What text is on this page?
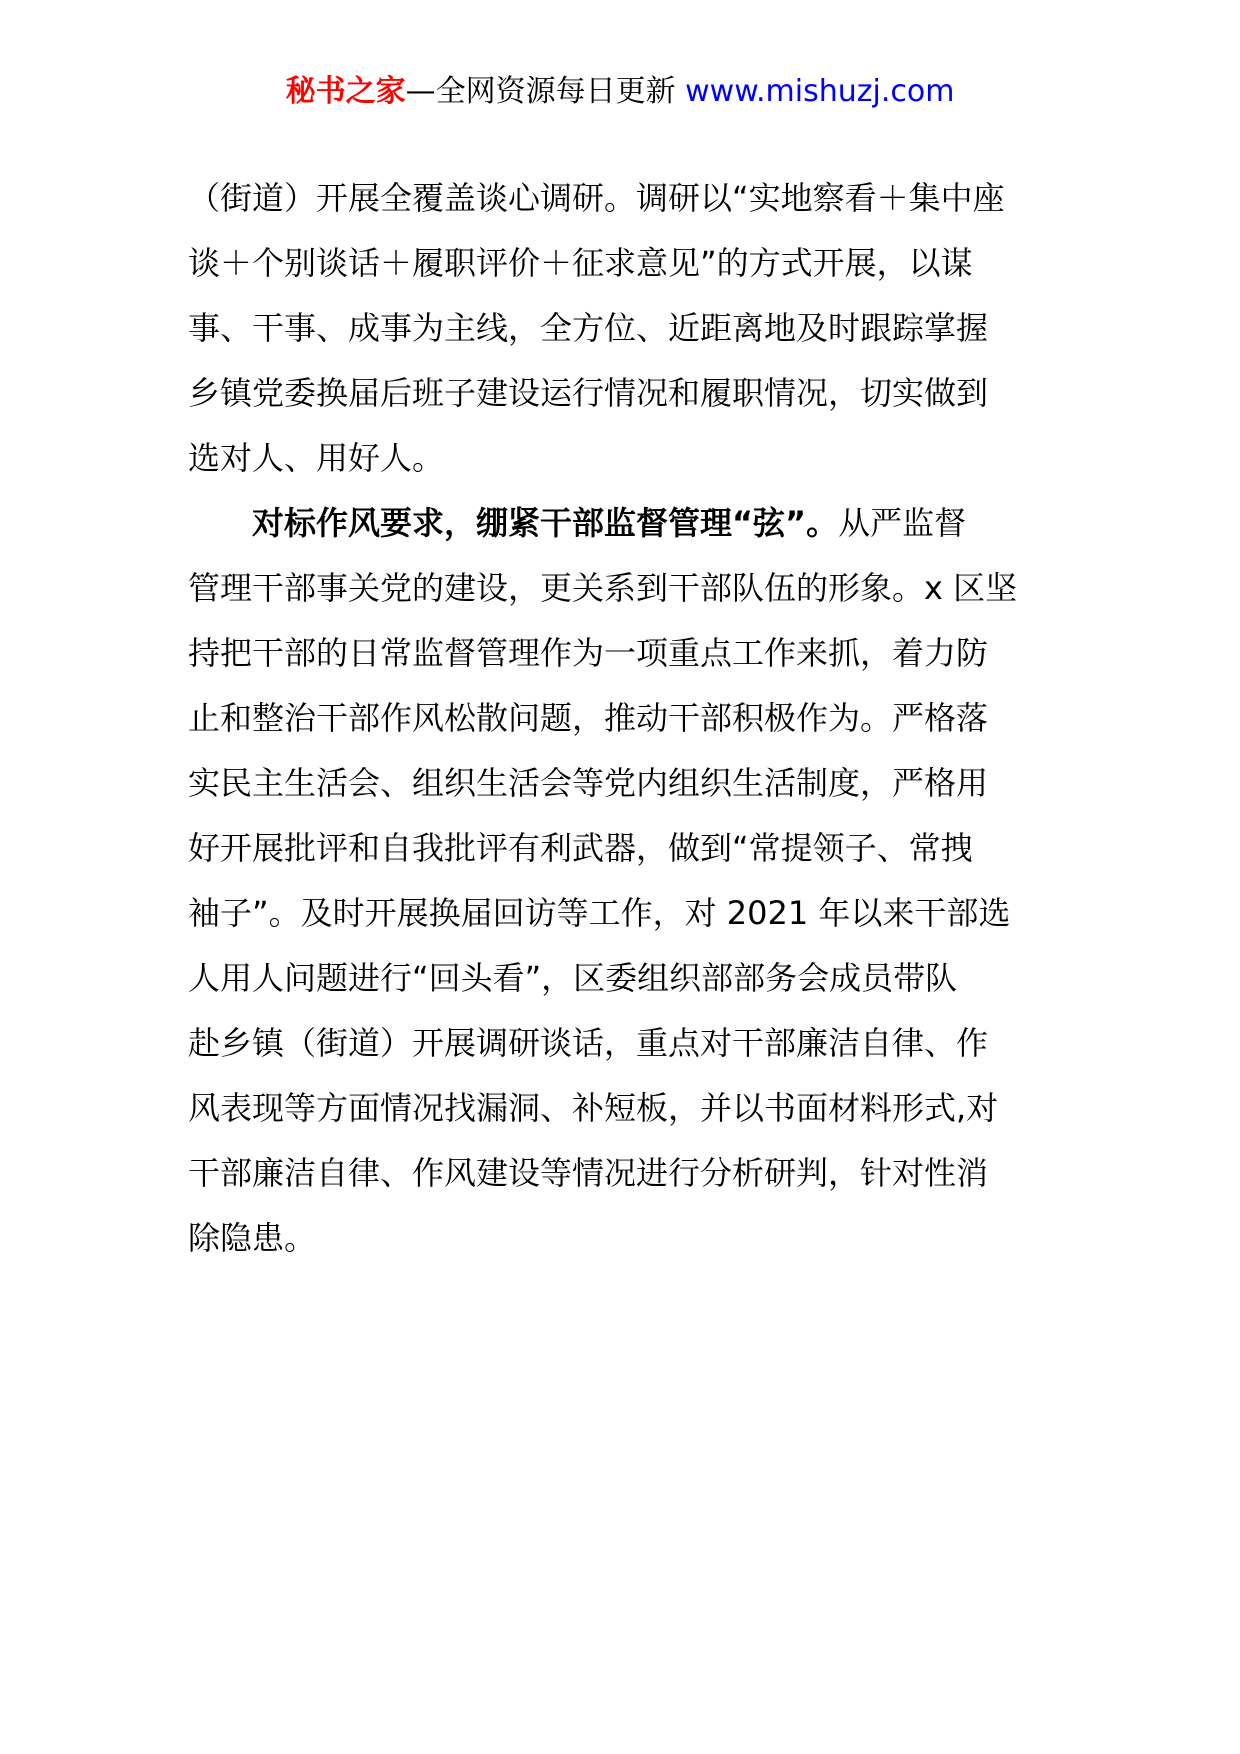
秘书之家—全网资源每日更新 www.mishuzj.com
（街道）开展全覆盖谈心调研。调研以“实地察看＋集中座
谈＋个别谈话＋履职评价＋征求意见”的方式开展，以谋
事、干事、成事为主线，全方位、近距离地及时跟踪掌握
乡镇党委换届后班子建设运行情况和履职情况，切实做到
选对人、用好人。
对标作风要求，绷紧干部监督管理“弦”。从严监督
管理干部事关党的建设，更关系到干部队伍的形象。x 区坚
持把干部的日常监督管理作为一项重点工作来抓，着力防
止和整治干部作风松散问题，推动干部积极作为。严格落
实民主生活会、组织生活会等党内组织生活制度，严格用
好开展批评和自我批评有利武器，做到“常提领子、常拽
袖子”。及时开展换届回访等工作，对 2021 年以来干部选
人用人问题进行“回头看”，区委组织部部务会成员带队
赴乡镇（街道）开展调研谈话，重点对干部廉洁自律、作
风表现等方面情况找漏洞、补短板，并以书面材料形式,对
干部廉洁自律、作风建设等情况进行分析研判，针对性消
除隐患。
